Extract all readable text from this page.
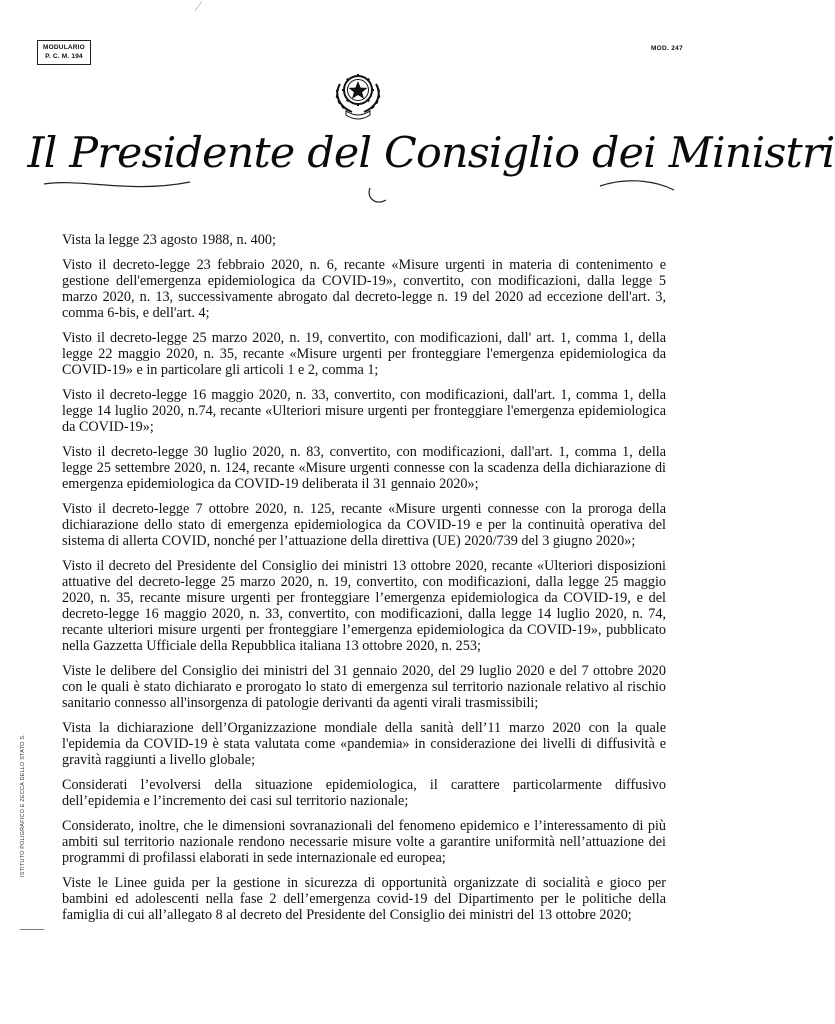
MODULARIO
P. C. M. 194
MOD. 247
Il Presidente del Consiglio dei Ministri

Vista la legge 23 agosto 1988, n. 400;

Visto il decreto-legge 23 febbraio 2020, n. 6, recante «Misure urgenti in materia di contenimento e gestione dell'emergenza epidemiologica da COVID-19», convertito, con modificazioni, dalla legge 5 marzo 2020, n. 13, successivamente abrogato dal decreto-legge n. 19 del 2020 ad eccezione dell'art. 3, comma 6-bis, e dell'art. 4;

Visto il decreto-legge 25 marzo 2020, n. 19, convertito, con modificazioni, dall' art. 1, comma 1, della legge 22 maggio 2020, n. 35, recante «Misure urgenti per fronteggiare l'emergenza epidemiologica da COVID-19» e in particolare gli articoli 1 e 2, comma 1;

Visto il decreto-legge 16 maggio 2020, n. 33, convertito, con modificazioni, dall'art. 1, comma 1, della legge 14 luglio 2020, n.74, recante «Ulteriori misure urgenti per fronteggiare l'emergenza epidemiologica da COVID-19»;

Visto il decreto-legge 30 luglio 2020, n. 83, convertito, con modificazioni, dall'art. 1, comma 1, della legge 25 settembre 2020, n. 124, recante «Misure urgenti connesse con la scadenza della dichiarazione di emergenza epidemiologica da COVID-19 deliberata il 31 gennaio 2020»;

Visto il decreto-legge 7 ottobre 2020, n. 125, recante «Misure urgenti connesse con la proroga della dichiarazione dello stato di emergenza epidemiologica da COVID-19 e per la continuità operativa del sistema di allerta COVID, nonché per l’attuazione della direttiva (UE) 2020/739 del 3 giugno 2020»;

Visto il decreto del Presidente del Consiglio dei ministri 13 ottobre 2020, recante «Ulteriori disposizioni attuative del decreto-legge 25 marzo 2020, n. 19, convertito, con modificazioni, dalla legge 25 maggio 2020, n. 35, recante misure urgenti per fronteggiare l’emergenza epidemiologica da COVID-19, e del decreto-legge 16 maggio 2020, n. 33, convertito, con modificazioni, dalla legge 14 luglio 2020, n. 74, recante ulteriori misure urgenti per fronteggiare l’emergenza epidemiologica da COVID-19», pubblicato nella Gazzetta Ufficiale della Repubblica italiana 13 ottobre 2020, n. 253;

Viste le delibere del Consiglio dei ministri del 31 gennaio 2020, del 29 luglio 2020 e del 7 ottobre 2020 con le quali è stato dichiarato e prorogato lo stato di emergenza sul territorio nazionale relativo al rischio sanitario connesso all'insorgenza di patologie derivanti da agenti virali trasmissibili;

Vista la dichiarazione dell’Organizzazione mondiale della sanità dell’11 marzo 2020 con la quale l'epidemia da COVID-19 è stata valutata come «pandemia» in considerazione dei livelli di diffusività e gravità raggiunti a livello globale;

Considerati l’evolversi della situazione epidemiologica, il carattere particolarmente diffusivo dell’epidemia e l’incremento dei casi sul territorio nazionale;

Considerato, inoltre, che le dimensioni sovranazionali del fenomeno epidemico e l’interessamento di più ambiti sul territorio nazionale rendono necessarie misure volte a garantire uniformità nell’attuazione dei programmi di profilassi elaborati in sede internazionale ed europea;

Viste le Linee guida per la gestione in sicurezza di opportunità organizzate di socialità e gioco per bambini ed adolescenti nella fase 2 dell’emergenza covid-19 del Dipartimento per le politiche della famiglia di cui all’allegato 8 al decreto del Presidente del Consiglio dei ministri del 13 ottobre 2020;

ISTITUTO POLIGRAFICO E ZECCA DELLO STATO S.
